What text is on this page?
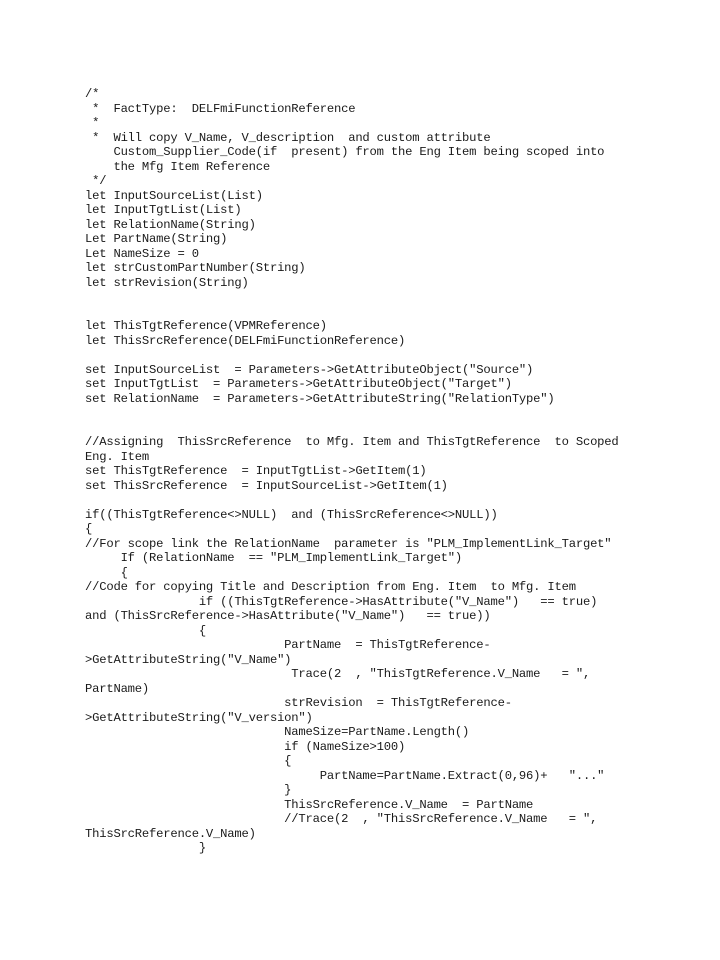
/*
*  FactType:  DELFmiFunctionReference
*
*  Will copy V_Name, V_description  and custom attribute
Custom_Supplier_Code(if  present) from the Eng Item being scoped into
the Mfg Item Reference
*/
let InputSourceList(List)
let InputTgtList(List)
let RelationName(String)
Let PartName(String)
Let NameSize = 0
let strCustomPartNumber(String)
let strRevision(String)
let ThisTgtReference(VPMReference)
let ThisSrcReference(DELFmiFunctionReference)
set InputSourceList  = Parameters->GetAttributeObject("Source")
set InputTgtList  = Parameters->GetAttributeObject("Target")
set RelationName  = Parameters->GetAttributeString("RelationType")
//Assigning  ThisSrcReference  to Mfg. Item and ThisTgtReference  to Scoped
Eng. Item
set ThisTgtReference  = InputTgtList->GetItem(1)
set ThisSrcReference  = InputSourceList->GetItem(1)
if((ThisTgtReference<>NULL)  and (ThisSrcReference<>NULL))
{
//For scope link the RelationName  parameter is "PLM_ImplementLink_Target"
If (RelationName  == "PLM_ImplementLink_Target")
{
//Code for copying Title and Description from Eng. Item  to Mfg. Item
if ((ThisTgtReference->HasAttribute("V_Name")   == true)
and (ThisSrcReference->HasAttribute("V_Name")   == true))
{
PartName  = ThisTgtReference-
>GetAttributeString("V_Name")
Trace(2  , "ThisTgtReference.V_Name   = ",
PartName)
strRevision  = ThisTgtReference-
>GetAttributeString("V_version")
NameSize=PartName.Length()
if (NameSize>100)
{
PartName=PartName.Extract(0,96)+   "..."
}
ThisSrcReference.V_Name  = PartName
//Trace(2  , "ThisSrcReference.V_Name   = ",
ThisSrcReference.V_Name)
}
